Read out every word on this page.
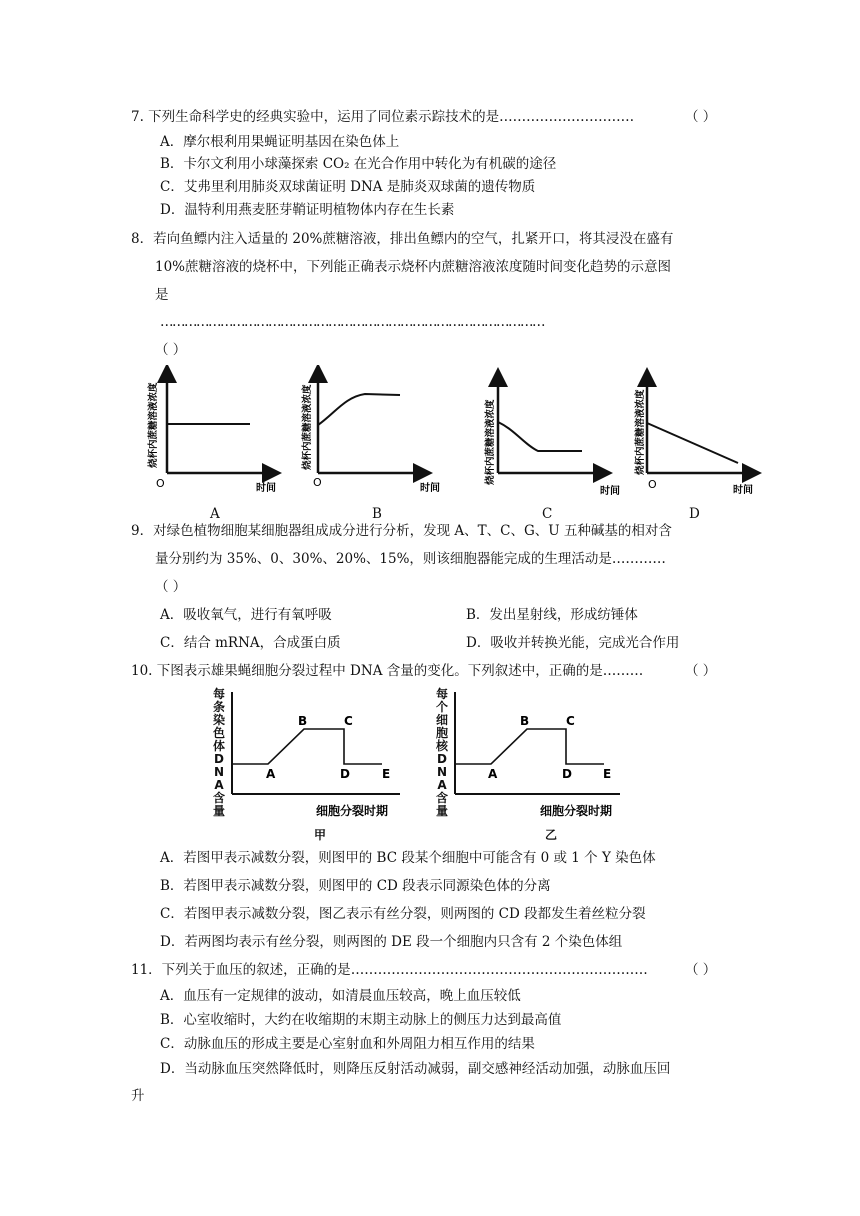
7. 下列生命科学史的经典实验中，运用了同位素示踪技术的是…………………………	（ ）
A．摩尔根利用果蝇证明基因在染色体上
B．卡尔文利用小球藻探索 CO₂ 在光合作用中转化为有机碳的途径
C．艾弗里利用肺炎双球菌证明 DNA 是肺炎双球菌的遗传物质
D．温特利用燕麦胚芽鞘证明植物体内存在生长素
8．若向鱼鳔内注入适量的 20%蔗糖溶液，排出鱼鳔内的空气，扎紧开口，将其浸没在盛有
10%蔗糖溶液的烧杯中，下列能正确表示烧杯内蔗糖溶液浓度随时间变化趋势的示意图
是
……………………………………………………………………………………
（ ）
O	时间
烧杯内蔗糖溶液浓度
O	时间
烧杯内蔗糖溶液浓度
时间
烧杯内蔗糖溶液浓度	O	时间
烧杯内蔗糖溶液浓度
A	B	C	D
9．对绿色植物细胞某细胞器组成成分进行分析，发现 A、T、C、G、U 五种碱基的相对含
量分别约为 35%、0、30%、20%、15%，则该细胞器能完成的生理活动是…………
（ ）
A．吸收氧气，进行有氧呼吸	B．发出星射线，形成纺锤体
C．结合 mRNA，合成蛋白质	D．吸收并转换光能，完成光合作用
10. 下图表示雄果蝇细胞分裂过程中 DNA 含量的变化。下列叙述中，正确的是………	（ ）
A
B	C
D	E
细胞分裂时期
A
B	C
D	E
细胞分裂时期
每条染色体DNA含量
每个细胞核DNA含量
甲	乙
A．若图甲表示减数分裂，则图甲的 BC 段某个细胞中可能含有 0 或 1 个 Y 染色体
B．若图甲表示减数分裂，则图甲的 CD 段表示同源染色体的分离
C．若图甲表示减数分裂，图乙表示有丝分裂，则两图的 CD 段都发生着丝粒分裂
D．若两图均表示有丝分裂，则两图的 DE 段一个细胞内只含有 2 个染色体组
11．下列关于血压的叙述，正确的是…………………………………………………………	（ ）
A．血压有一定规律的波动，如清晨血压较高，晚上血压较低
B．心室收缩时，大约在收缩期的末期主动脉上的侧压力达到最高值
C．动脉血压的形成主要是心室射血和外周阻力相互作用的结果
D．当动脉血压突然降低时，则降压反射活动减弱，副交感神经活动加强，动脉血压回
升
